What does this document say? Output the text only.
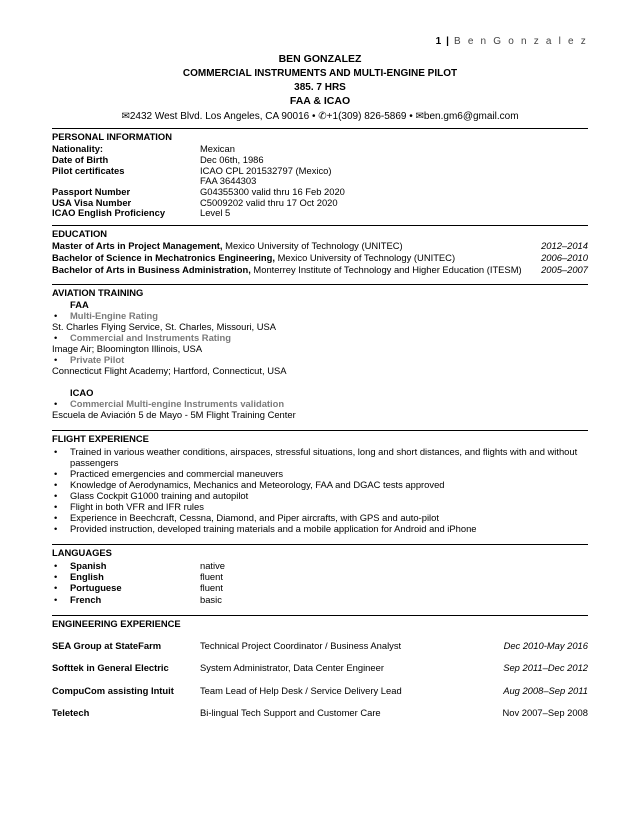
1 | B e n G o n z a l e z
BEN GONZALEZ
COMMERCIAL INSTRUMENTS AND MULTI-ENGINE PILOT
385. 7 HRS
FAA & ICAO
✉2432 West Blvd. Los Angeles, CA 90016 • ✆+1(309) 826-5869 • ✉ben.gm6@gmail.com
PERSONAL INFORMATION
Nationality:	Mexican
Date of Birth	Dec 06th, 1986
Pilot certificates	ICAO CPL 201532797 (Mexico)
FAA 3644303
Passport Number	G04355300 valid thru 16 Feb 2020
USA Visa Number	C5009202 valid thru 17 Oct 2020
ICAO English Proficiency	Level 5
EDUCATION
Master of Arts in Project Management, Mexico University of Technology (UNITEC)	2012–2014
Bachelor of Science in Mechatronics Engineering, Mexico University of Technology (UNITEC)	2006–2010
Bachelor of Arts in Business Administration, Monterrey Institute of Technology and Higher Education (ITESM) 2005–2007
AVIATION TRAINING
FAA
• Multi-Engine Rating
St. Charles Flying Service, St. Charles, Missouri, USA
• Commercial and Instruments Rating
Image Air; Bloomington Illinois, USA
• Private Pilot
Connecticut Flight Academy; Hartford, Connecticut, USA
ICAO
• Commercial Multi-engine Instruments validation
Escuela de Aviación 5 de Mayo - 5M Flight Training Center
FLIGHT EXPERIENCE
• Trained in various weather conditions, airspaces, stressful situations, long and short distances, and flights with and without
passengers
• Practiced emergencies and commercial maneuvers
• Knowledge of Aerodynamics, Mechanics and Meteorology, FAA and DGAC tests approved
• Glass Cockpit G1000 training and autopilot
• Flight in both VFR and IFR rules
• Experience in Beechcraft, Cessna, Diamond, and Piper aircrafts, with GPS and auto-pilot
• Provided instruction, developed training materials and a mobile application for Android and iPhone
LANGUAGES
• Spanish	native
• English	fluent
• Portuguese	fluent
• French	basic
ENGINEERING EXPERIENCE
SEA Group at StateFarm	Technical Project Coordinator / Business Analyst	Dec 2010-May 2016
Softtek in General Electric	System Administrator, Data Center Engineer	Sep 2011–Dec 2012
CompuCom assisting Intuit	Team Lead of Help Desk / Service Delivery Lead	Aug 2008–Sep 2011
Teletech	Bi-lingual Tech Support and Customer Care	Nov 2007–Sep 2008
